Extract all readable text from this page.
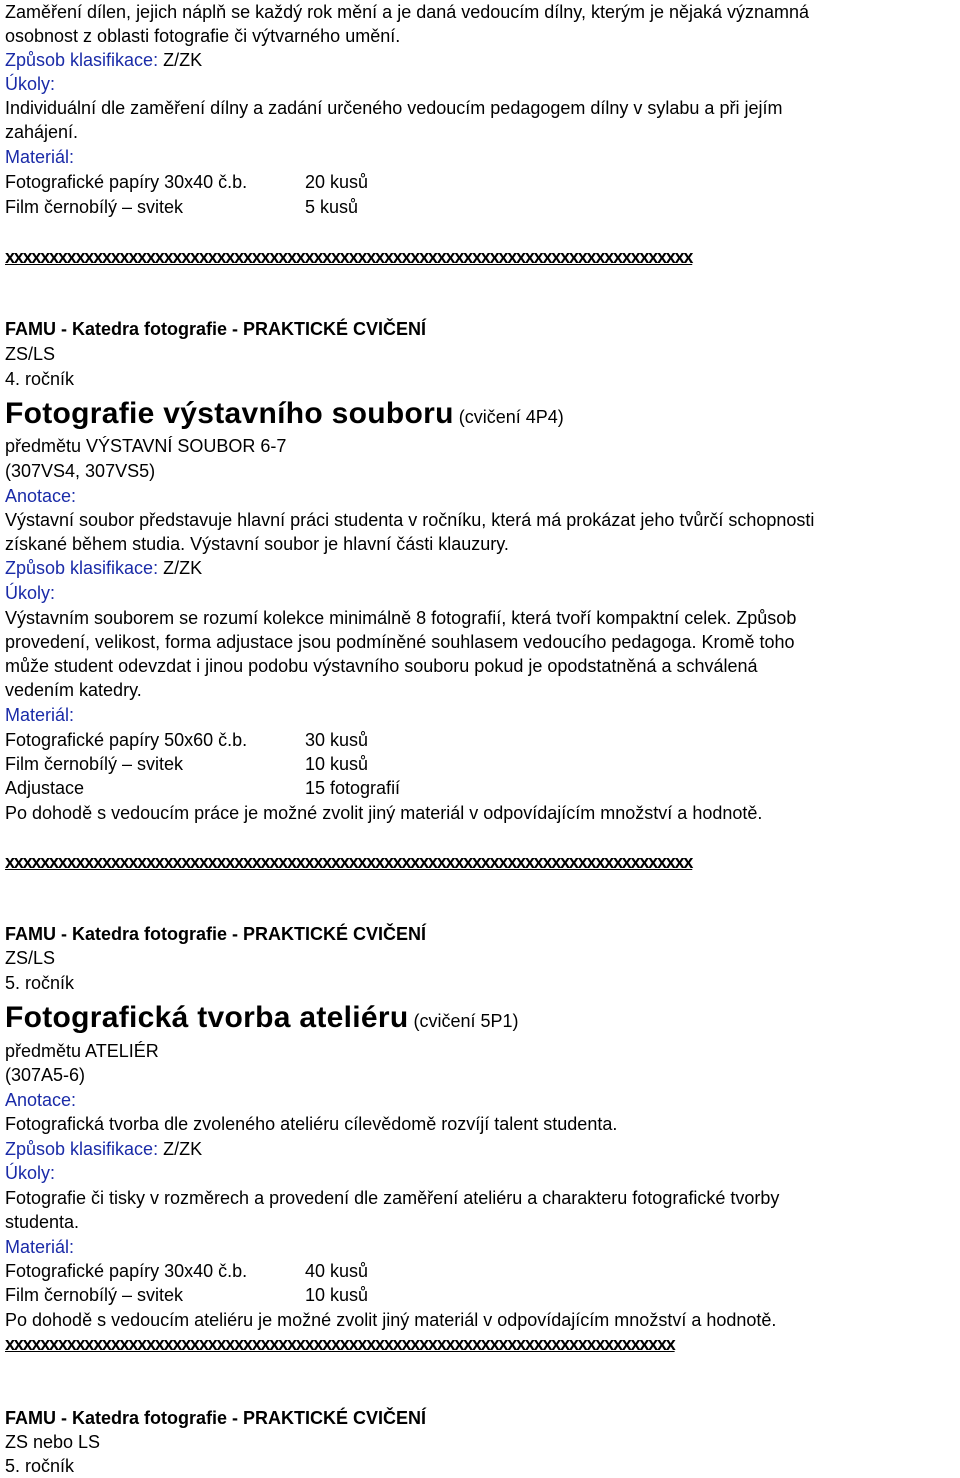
Zaměření dílen, jejich náplň se každý rok mění a je daná vedoucím dílny, kterým je nějaká významná
osobnost z oblasti fotografie či výtvarného umění.
Způsob klasifikace: Z/ZK
Úkoly:
Individuální dle zaměření dílny a zadání určeného vedoucím pedagogem dílny v sylabu a při jejím
zahájení.
Materiál:
Fotografické papíry 30x40 č.b.	20 kusů
Film černobílý – svitek	5 kusů
xxxxxxxxxxxxxxxxxxxxxxxxxxxxxxxxxxxxxxxxxxxxxxxxxxxxxxxxxxxxxxxxxxxxxxxxxxxxxx
FAMU - Katedra fotografie - PRAKTICKÉ CVIČENÍ
ZS/LS
4. ročník
Fotografie výstavního souboru (cvičení 4P4)
předmětu VÝSTAVNÍ SOUBOR 6-7
(307VS4, 307VS5)
Anotace:
Výstavní soubor představuje hlavní práci studenta v ročníku, která má prokázat jeho tvůrčí schopnosti
získané během studia. Výstavní soubor je hlavní části klauzury.
Způsob klasifikace: Z/ZK
Úkoly:
Výstavním souborem se rozumí kolekce minimálně 8 fotografií, která tvoří kompaktní celek. Způsob
provedení, velikost, forma adjustace jsou podmíněné souhlasem vedoucího pedagoga. Kromě toho
může student odevzdat i jinou podobu výstavního souboru pokud je opodstatněná a schválená
vedením katedry.
Materiál:
Fotografické papíry 50x60 č.b.	30 kusů
Film černobílý – svitek	10 kusů
Adjustace	15 fotografií
Po dohodě s vedoucím práce je možné zvolit jiný materiál v odpovídajícím množství a hodnotě.
xxxxxxxxxxxxxxxxxxxxxxxxxxxxxxxxxxxxxxxxxxxxxxxxxxxxxxxxxxxxxxxxxxxxxxxxxxxxxx
FAMU - Katedra fotografie - PRAKTICKÉ CVIČENÍ
ZS/LS
5. ročník
Fotografická tvorba ateliéru (cvičení 5P1)
předmětu ATELIÉR
(307A5-6)
Anotace:
Fotografická tvorba dle zvoleného ateliéru cílevědomě rozvíjí talent studenta.
Způsob klasifikace: Z/ZK
Úkoly:
Fotografie či tisky v rozměrech a provedení dle zaměření ateliéru a charakteru fotografické tvorby
studenta.
Materiál:
Fotografické papíry 30x40 č.b.	40 kusů
Film černobílý – svitek	10 kusů
Po dohodě s vedoucím ateliéru je možné zvolit jiný materiál v odpovídajícím množství a hodnotě.
xxxxxxxxxxxxxxxxxxxxxxxxxxxxxxxxxxxxxxxxxxxxxxxxxxxxxxxxxxxxxxxxxxxxxxxxxxxx
FAMU - Katedra fotografie - PRAKTICKÉ CVIČENÍ
ZS nebo LS
5. ročník
